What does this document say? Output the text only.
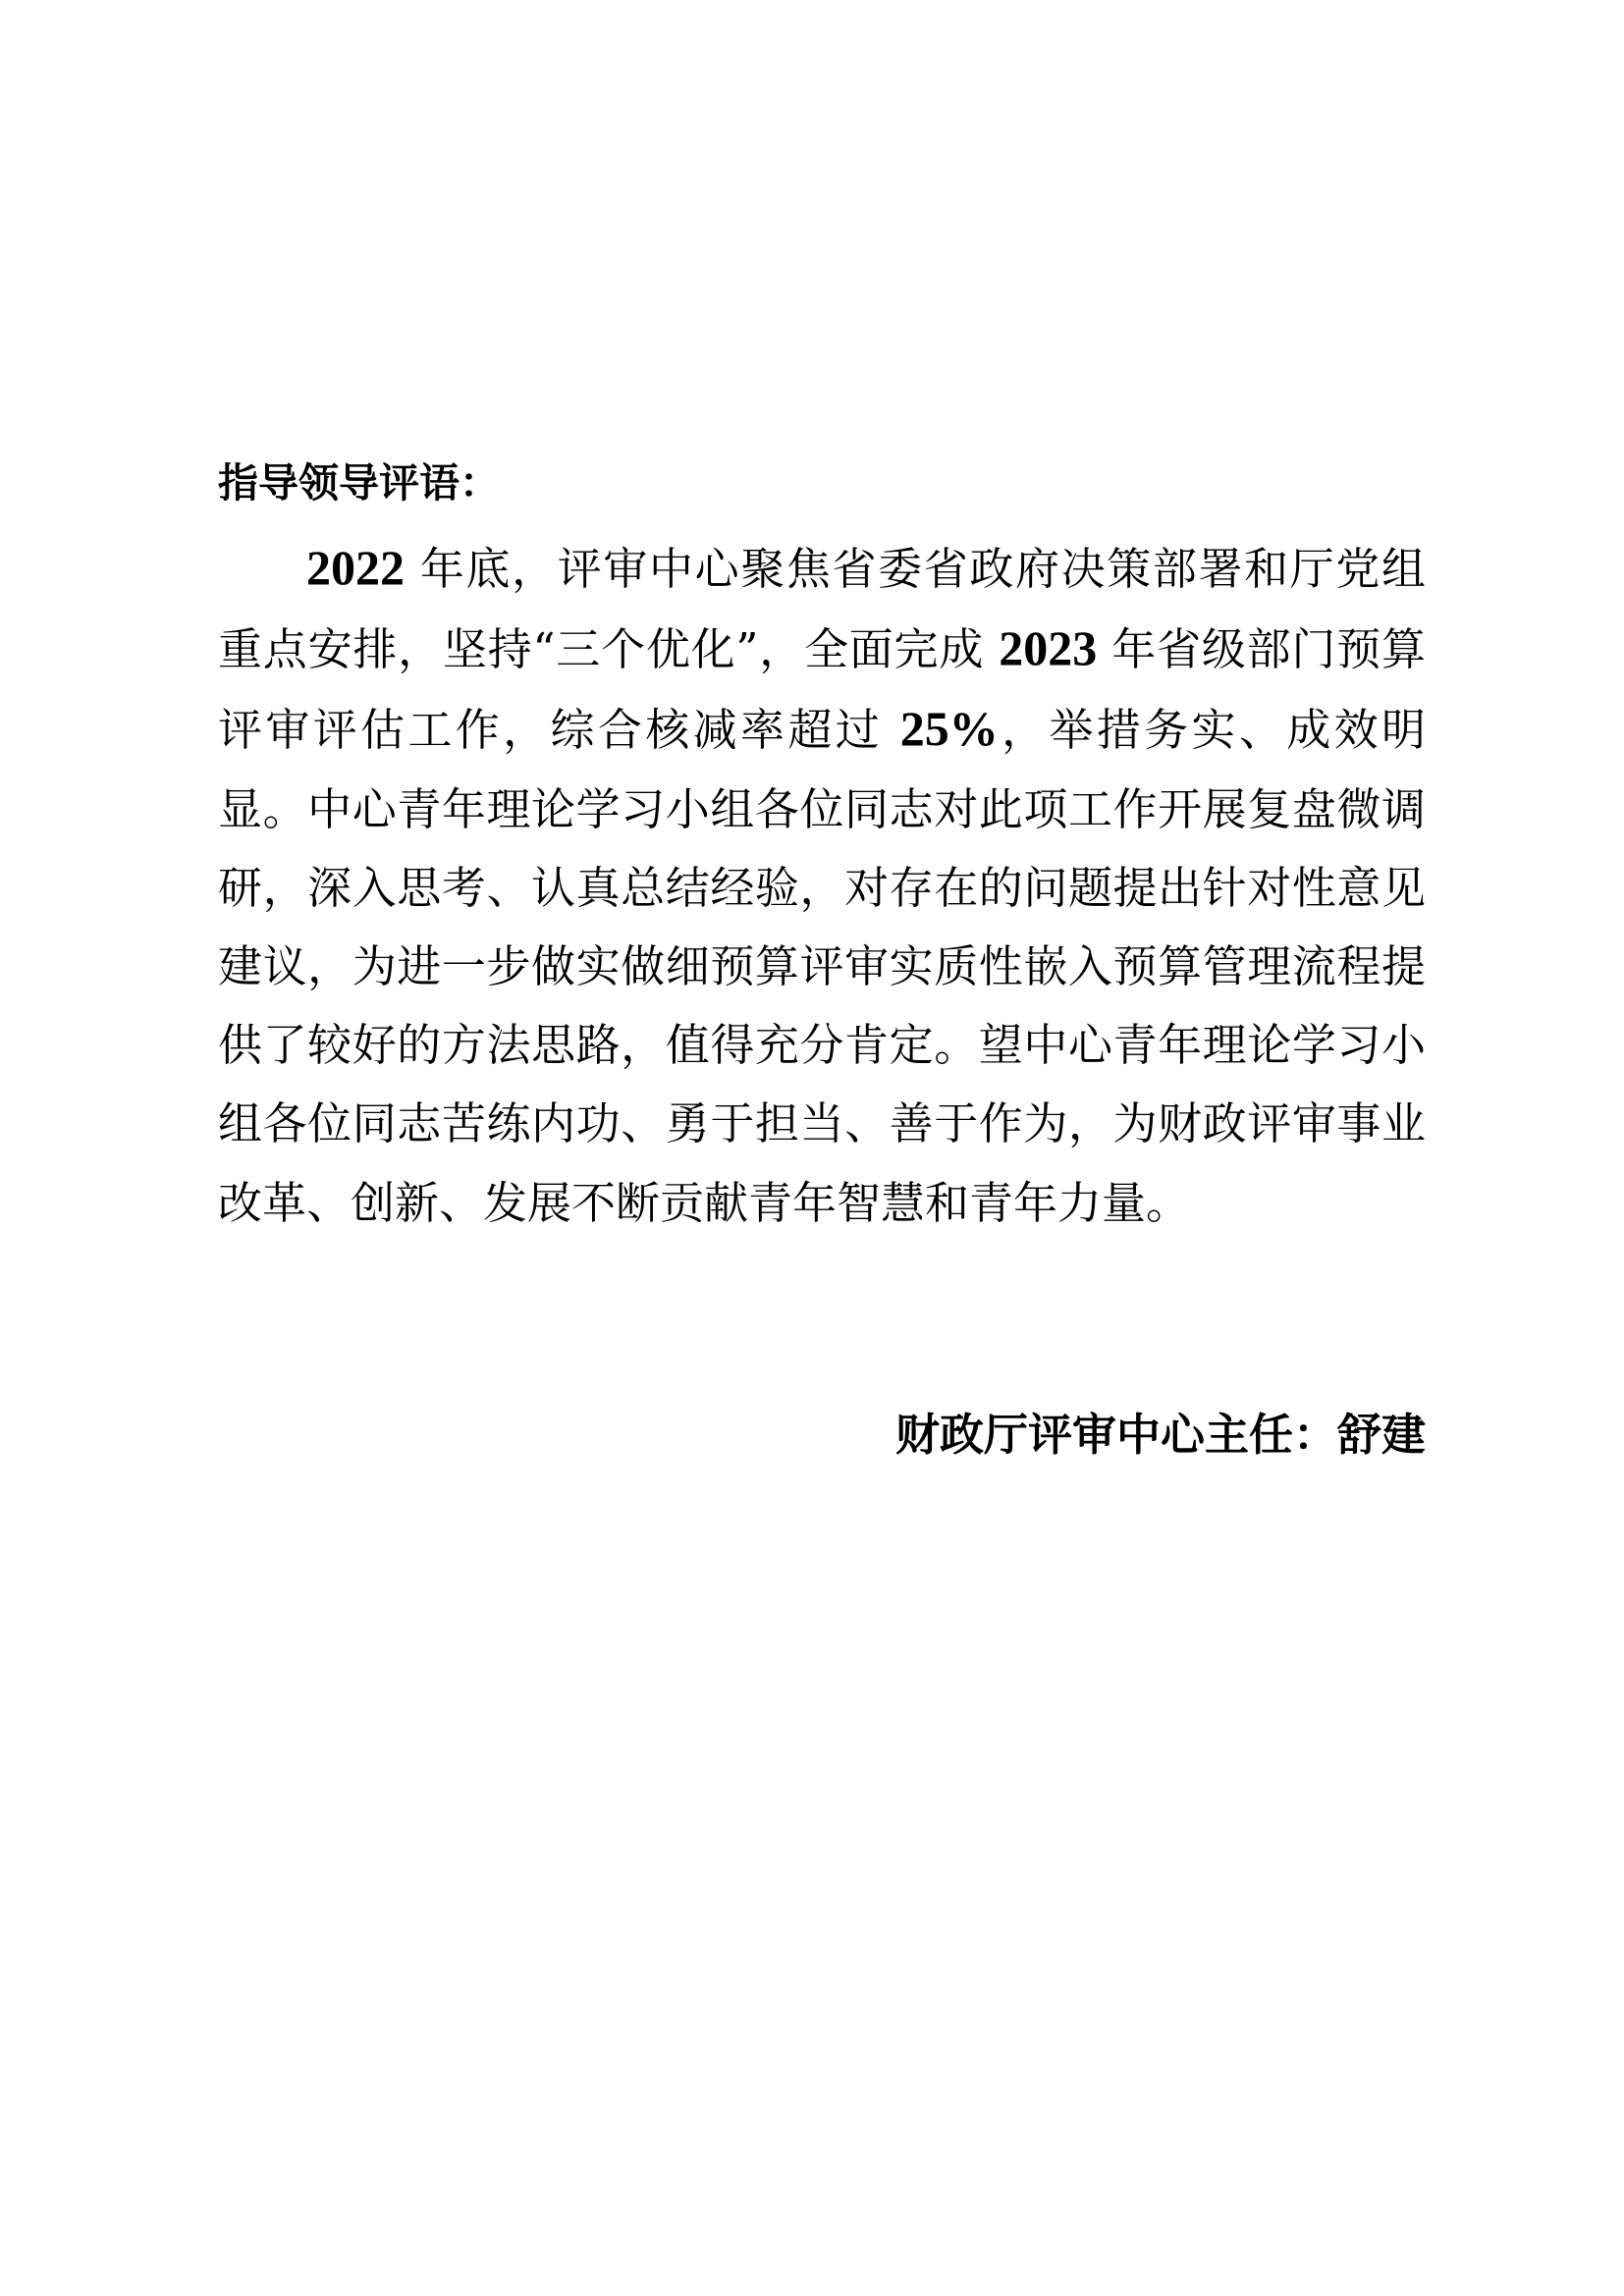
指导领导评语：

2022 年底，评审中心聚焦省委省政府决策部署和厅党组重点安排，坚持“三个优化”，全面完成 2023 年省级部门预算评审评估工作，综合核减率超过 25%，举措务实、成效明显。中心青年理论学习小组各位同志对此项工作开展复盘微调研，深入思考、认真总结经验，对存在的问题提出针对性意见建议，为进一步做实做细预算评审实质性嵌入预算管理流程提供了较好的方法思路，值得充分肯定。望中心青年理论学习小组各位同志苦练内功、勇于担当、善于作为，为财政评审事业改革、创新、发展不断贡献青年智慧和青年力量。

财政厅评审中心主任：舒建
